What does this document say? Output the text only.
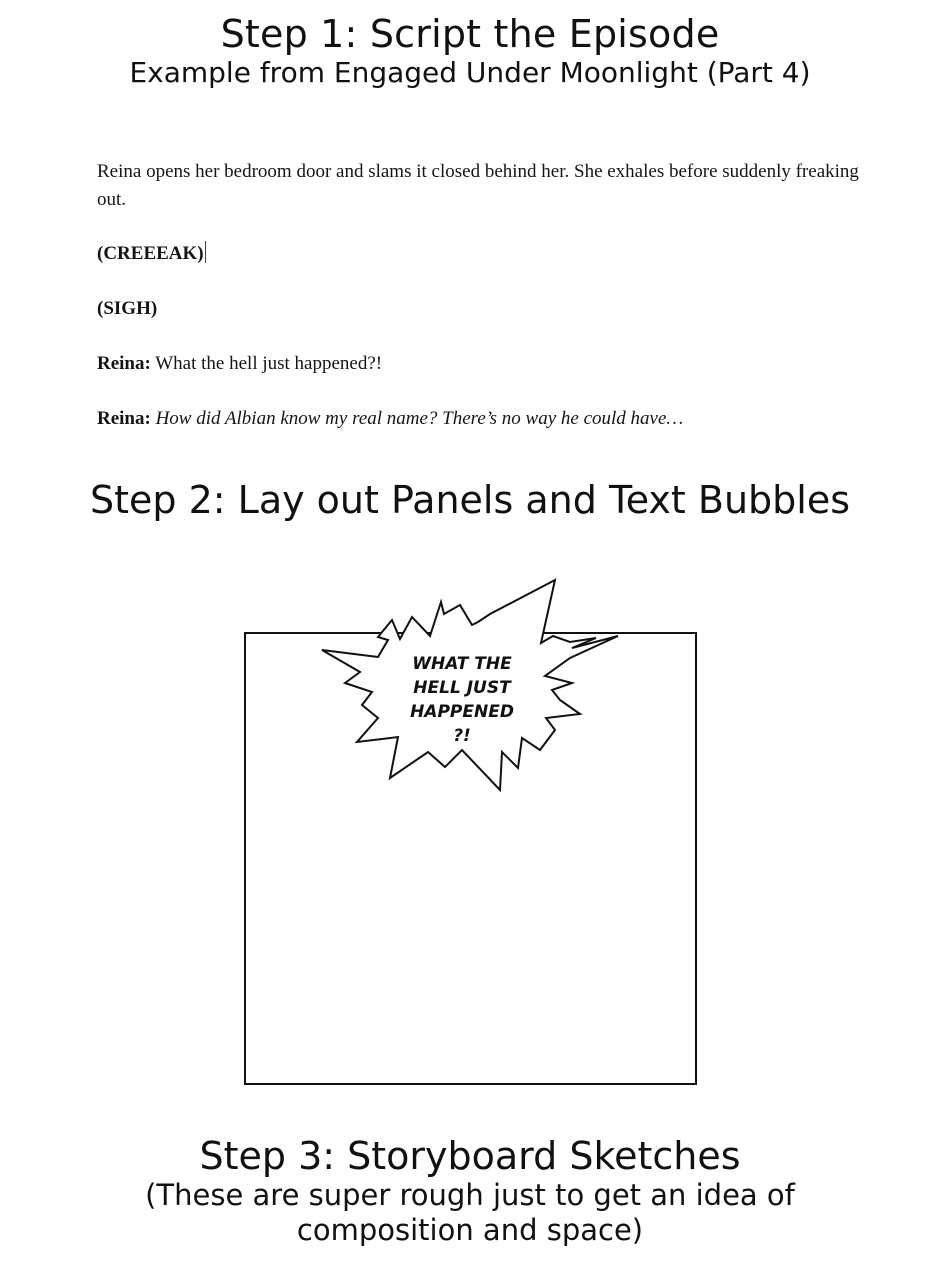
Step 1: Script the Episode
Example from Engaged Under Moonlight (Part 4)

Reina opens her bedroom door and slams it closed behind her. She exhales before suddenly freaking out.

(CREEEAK)

(SIGH)

Reina: What the hell just happened?!

Reina: How did Albian know my real name? There’s no way he could have…

Step 2: Lay out Panels and Text Bubbles
WHAT THE
HELL JUST
HAPPENED
?!
Step 3: Storyboard Sketches
(These are super rough just to get an idea of
composition and space)
